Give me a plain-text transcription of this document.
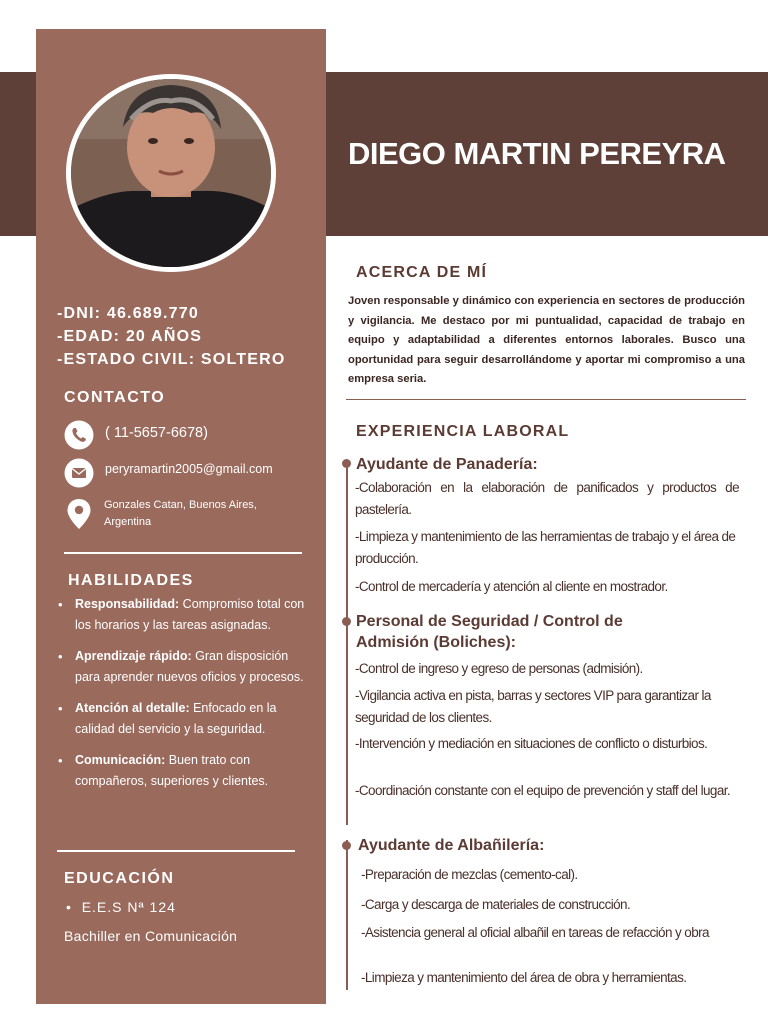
DIEGO MARTIN PEREYRA
-DNI: 46.689.770
-EDAD: 20 AÑOS
-ESTADO CIVIL: SOLTERO
CONTACTO
( 11-5657-6678)
peryramartin2005@gmail.com
Gonzales Catan, Buenos Aires,
Argentina
HABILIDADES
• Responsabilidad: Compromiso total con los horarios y las tareas asignadas.
• Aprendizaje rápido: Gran disposición para aprender nuevos oficios y procesos.
• Atención al detalle: Enfocado en la calidad del servicio y la seguridad.
• Comunicación: Buen trato con compañeros, superiores y clientes.
EDUCACIÓN
•  E.E.S Nª 124
Bachiller en Comunicación
ACERCA DE MÍ
Joven responsable y dinámico con experiencia en sectores de producción y vigilancia. Me destaco por mi puntualidad, capacidad de trabajo en equipo y adaptabilidad a diferentes entornos laborales. Busco una oportunidad para seguir desarrollándome y aportar mi compromiso a una empresa seria.
EXPERIENCIA LABORAL
Ayudante de Panadería:
-Colaboración en la elaboración de panificados y productos de pastelería.
-Limpieza y mantenimiento de las herramientas de trabajo y el área de producción.
-Control de mercadería y atención al cliente en mostrador.
Personal de Seguridad / Control de
Admisión (Boliches):
-Control de ingreso y egreso de personas (admisión).
-Vigilancia activa en pista, barras y sectores VIP para garantizar la seguridad de los clientes.
-Intervención y mediación en situaciones de conflicto o disturbios.
-Coordinación constante con el equipo de prevención y staff del lugar.
Ayudante de Albañilería:
-Preparación de mezclas (cemento-cal).
-Carga y descarga de materiales de construcción.
-Asistencia general al oficial albañil en tareas de refacción y obra
-Limpieza y mantenimiento del área de obra y herramientas.
